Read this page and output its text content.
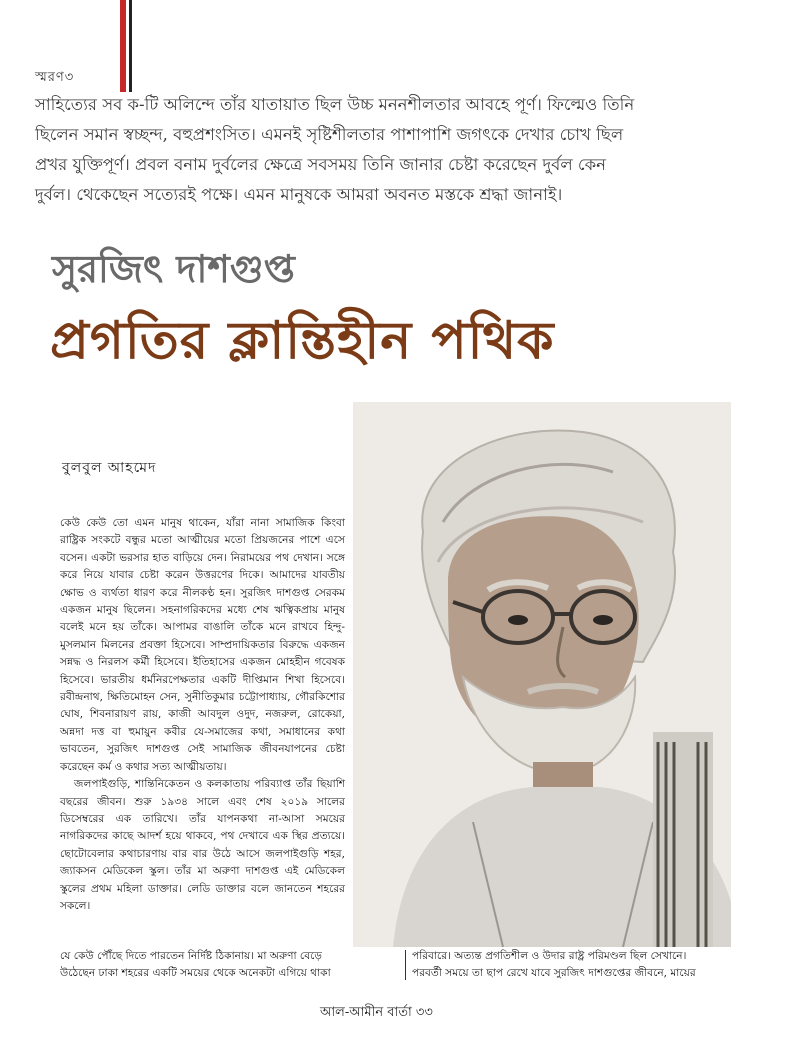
স্মরণ৩
সাহিত্যের সব ক-টি অলিন্দে তাঁর যাতায়াত ছিল উচ্চ মননশীলতার আবহে পূর্ণ। ফিল্মেও তিনি
ছিলেন সমান স্বচ্ছন্দ, বহুপ্রশংসিত। এমনই সৃষ্টিশীলতার পাশাপাশি জগৎকে দেখার চোখ ছিল
প্রখর যুক্তিপূর্ণ। প্রবল বনাম দুর্বলের ক্ষেত্রে সবসময় তিনি জানার চেষ্টা করেছেন দুর্বল কেন
দুর্বল। থেকেছেন সত্যেরই পক্ষে। এমন মানুষকে আমরা অবনত মস্তকে শ্রদ্ধা জানাই।
সুরজিৎ দাশগুপ্ত
প্রগতির ক্লান্তিহীন পথিক
বুলবুল আহমেদ

কেউ কেউ তো এমন মানুষ থাকেন, যাঁরা নানা সামাজিক কিংবা রাষ্ট্রিক সংকটে বন্ধুর মতো আত্মীয়ের মতো প্রিয়জনের পাশে এসে বসেন। একটা ভরসার হাত বাড়িয়ে দেন। নিরাময়ের পথ দেখান। সঙ্গে করে নিয়ে যাবার চেষ্টা করেন উত্তরণের দিকে। আমাদের যাবতীয় ক্ষোভ ও ব্যর্থতা ধারণ করে নীলকণ্ঠ হন। সুরজিৎ দাশগুপ্ত সেরকম একজন মানুষ ছিলেন। সহনাগরিকদের মধ্যে শেষ ঋত্বিকপ্রায় মানুষ বলেই মনে হয় তাঁকে। আপামর বাঙালি তাঁকে মনে রাখবে হিন্দু-মুসলমান মিলনের প্রবক্তা হিসেবে। সাম্প্রদায়িকতার বিরুদ্ধে একজন সন্নদ্ধ ও নিরলস কর্মী হিসেবে। ইতিহাসের একজন মোহহীন গবেষক হিসেবে। ভারতীয় ধর্মনিরপেক্ষতার একটি দীপ্তিমান শিখা হিসেবে। রবীন্দ্রনাথ, ক্ষিতিমোহন সেন, সুনীতিকুমার চট্টোপাধ্যায়, গৌরকিশোর ঘোষ, শিবনারায়ণ রায়, কাজী আবদুল ওদুদ, নজরুল, রোকেয়া, অন্নদা দত্ত বা হুমায়ুন কবীর যে-সমাজের কথা, সমাধানের কথা ভাবতেন, সুরজিৎ দাশগুপ্ত সেই সামাজিক জীবনযাপনের চেষ্টা করেছেন কর্ম ও কথার সত্য আত্মীয়তায়।

জলপাইগুড়ি, শান্তিনিকেতন ও কলকাতায় পরিব্যাপ্ত তাঁর ছিয়াশি বছরের জীবন। শুরু ১৯৩৪ সালে এবং শেষ ২০১৯ সালের ডিসেম্বরের এক তারিখে। তাঁর যাপনকথা না-আসা সময়ের নাগরিকদের কাছে আদর্শ হয়ে থাকবে, পথ দেখাবে এক স্থির প্রত্যয়ে। ছোটোবেলার কথাচারণায় বার বার উঠে আসে জলপাইগুড়ি শহর, জ্যাকসন মেডিকেল স্কুল। তাঁর মা অরুণা দাশগুপ্ত এই মেডিকেল স্কুলের প্রথম মহিলা ডাক্তার। লেডি ডাক্তার বলে জানতেন শহরের সকলে।

যে কেউ পৌঁছে দিতে পারতেন নির্দিষ্ট ঠিকানায়। মা অরুণা বেড়ে
উঠেছেন ঢাকা শহরের একটি সময়ের থেকে অনেকটা এগিয়ে থাকা
পরিবারে। অত্যন্ত প্রগতিশীল ও উদার রাষ্ট্র পরিমণ্ডল ছিল সেখানে।
পরবর্তী সময়ে তা ছাপ রেখে যাবে সুরজিৎ দাশগুপ্তের জীবনে, মায়ের
আল-আমীন বার্তা ৩৩
